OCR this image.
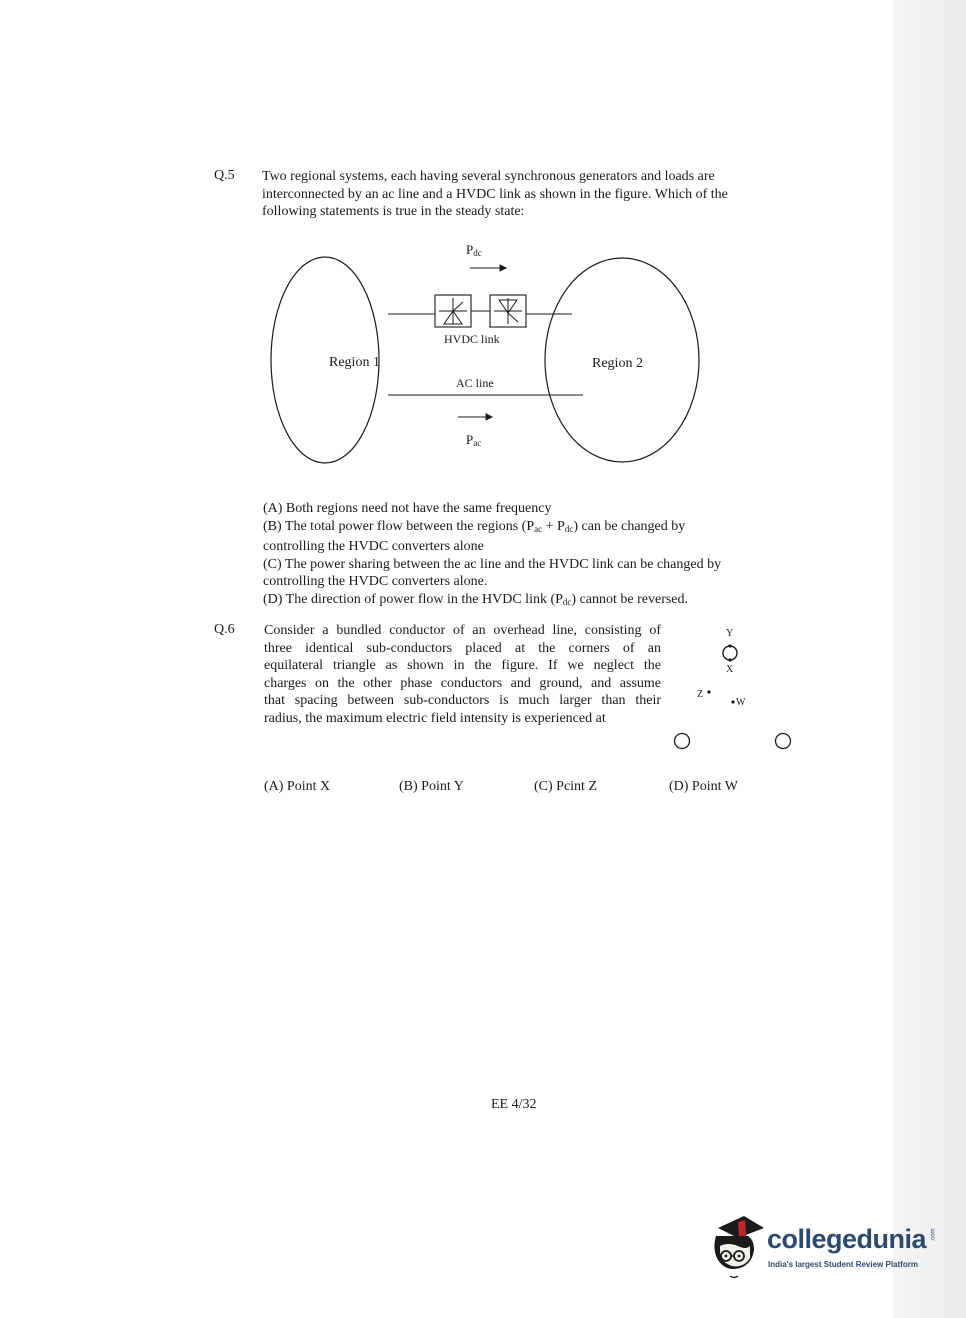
Q.5 Two regional systems, each having several synchronous generators and loads are
interconnected by an ac line and a HVDC link as shown in the figure. Which of the
following statements is true in the steady state:
$P_{dc}$
HVDC link
Region 1	Region 2
AC line
$P_{ac}$
(A) Both regions need not have the same frequency
(B) The total power flow between the regions $(P_{ac} + P_{dc})$ can be changed by
controlling the HVDC converters alone
(C) The power sharing between the ac line and the HVDC link can be changed by
controlling the HVDC converters alone.
(D) The direction of power flow in the HVDC link $(P_{dc})$ cannot be reversed.
Q.6 Consider a bundled conductor of an overhead line, consisting of
three identical sub-conductors placed at the corners of an
equilateral triangle as shown in the figure. If we neglect the
charges on the other phase conductors and ground, and assume
that spacing between sub-conductors is much larger than their
radius, the maximum electric field intensity is experienced at
Y
X
Z
W
(A) Point X	(B) Point Y	(C) Pcint Z	(D) Point W
EE 4/32
collegedunia .com
India's largest Student Review Platform
